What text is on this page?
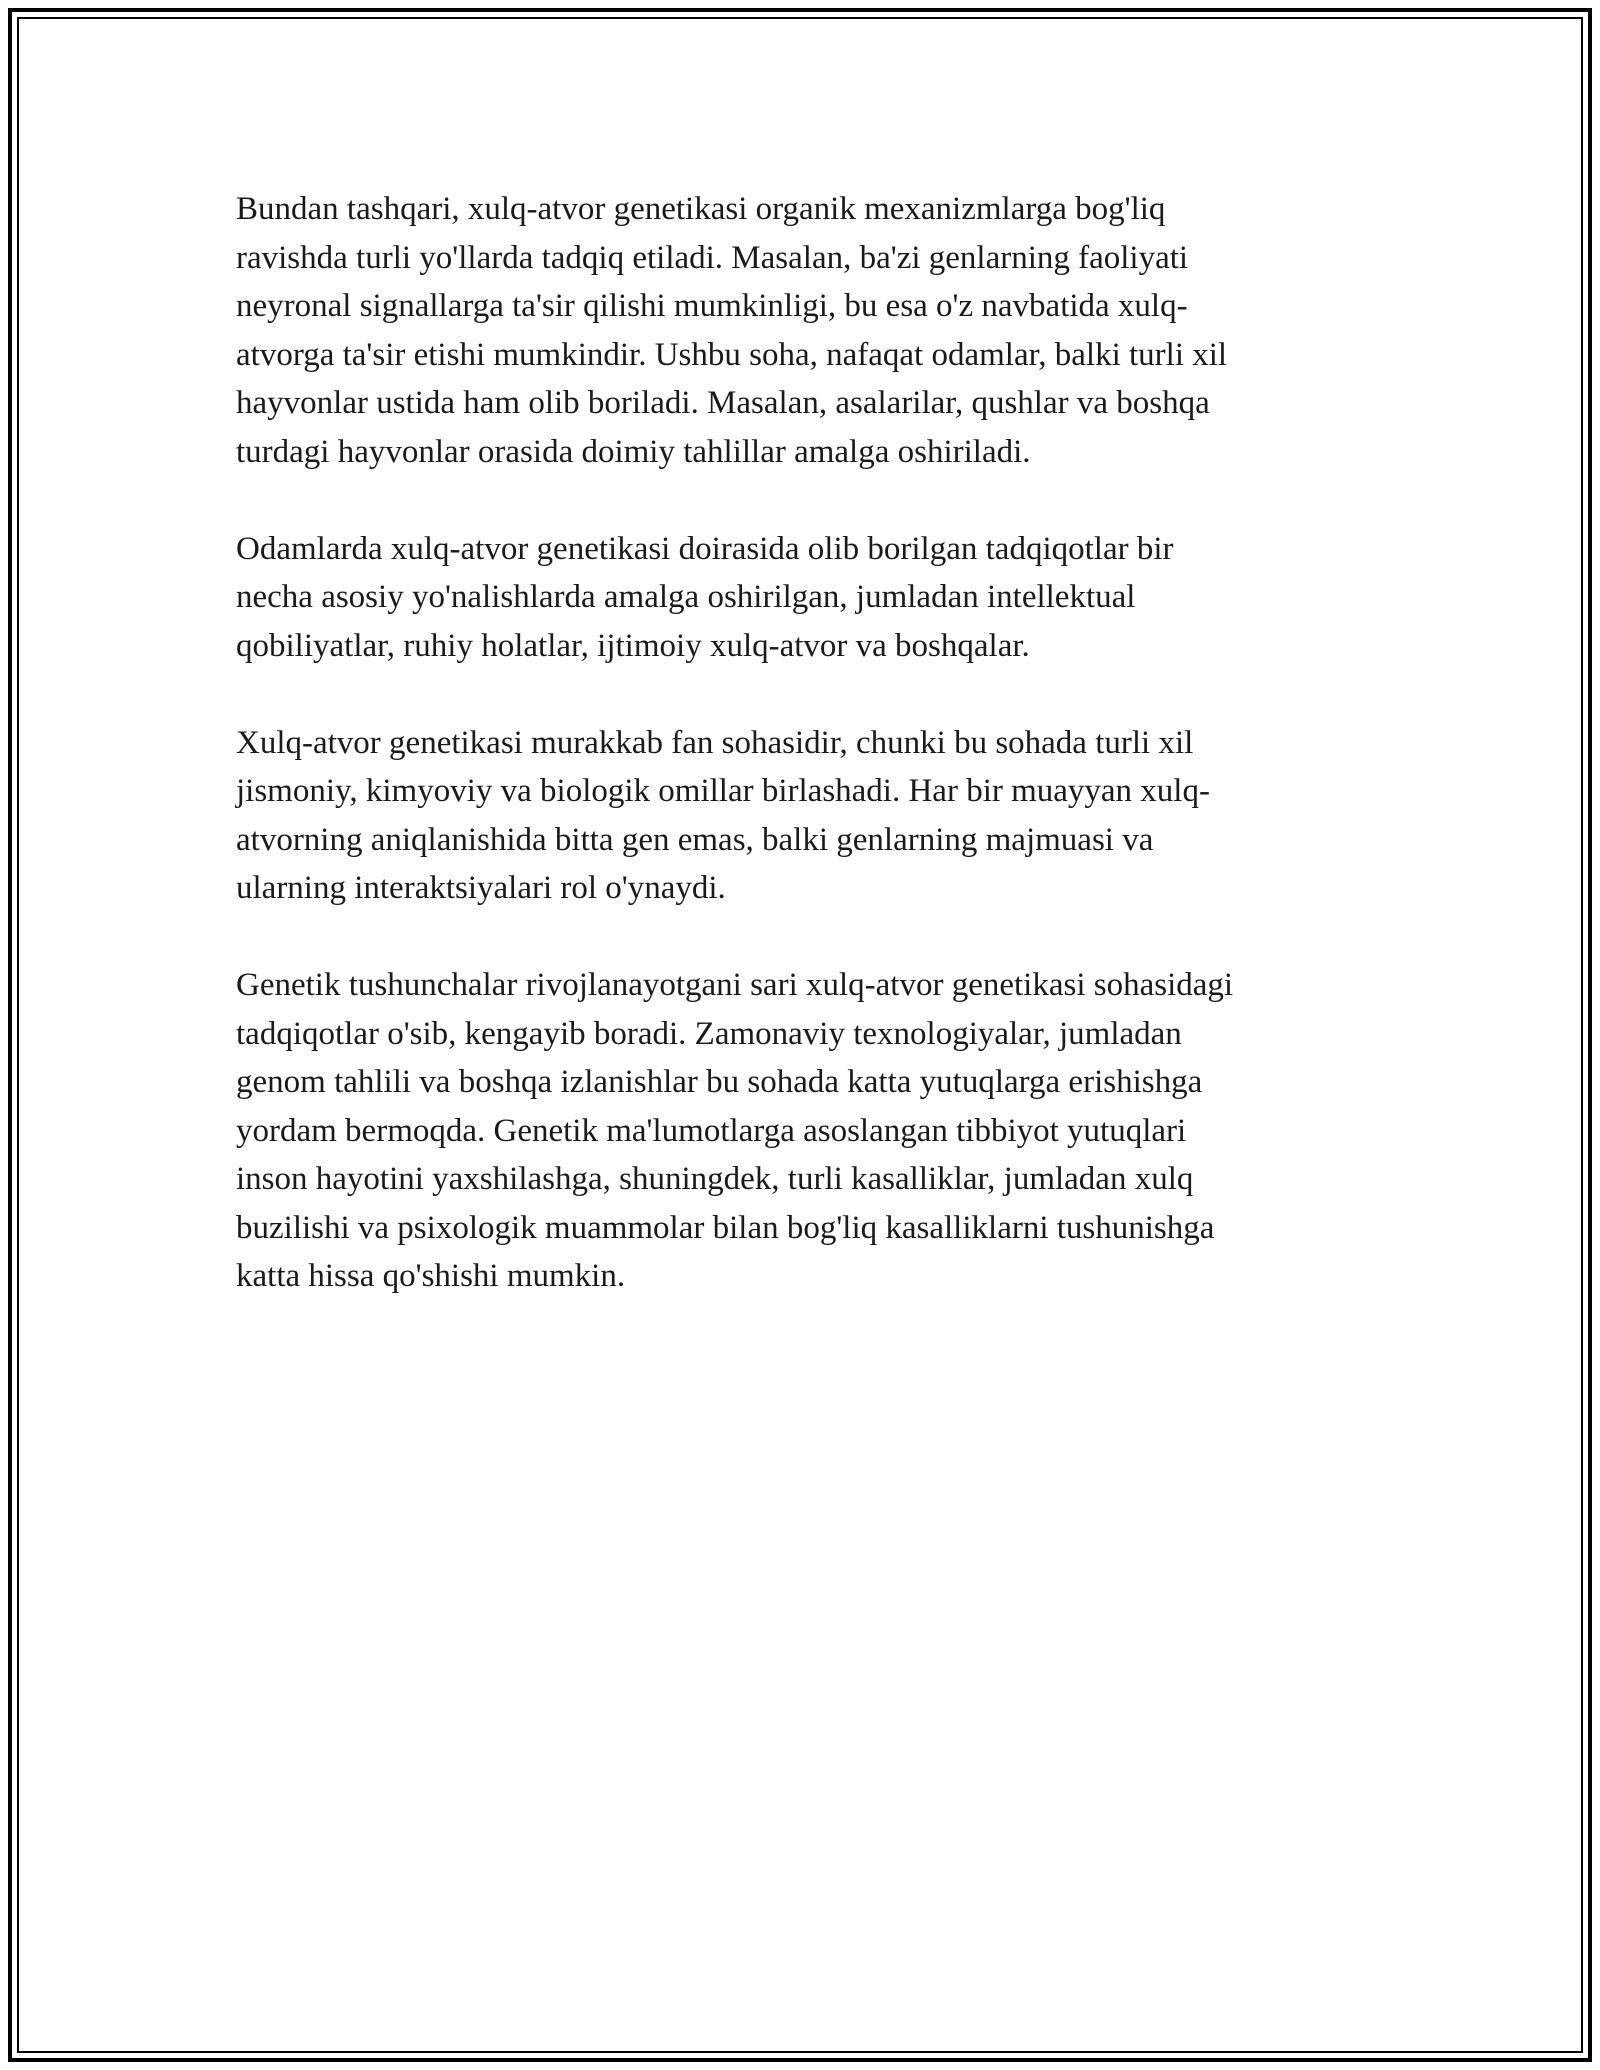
Bundan tashqari, xulq-atvor genetikasi organik mexanizmlarga bog'liq
ravishda turli yo'llarda tadqiq etiladi. Masalan, ba'zi genlarning faoliyati
neyronal signallarga ta'sir qilishi mumkinligi, bu esa o'z navbatida xulq-
atvorga ta'sir etishi mumkindir. Ushbu soha, nafaqat odamlar, balki turli xil
hayvonlar ustida ham olib boriladi. Masalan, asalarilar, qushlar va boshqa
turdagi hayvonlar orasida doimiy tahlillar amalga oshiriladi.

Odamlarda xulq-atvor genetikasi doirasida olib borilgan tadqiqotlar bir
necha asosiy yo'nalishlarda amalga oshirilgan, jumladan intellektual
qobiliyatlar, ruhiy holatlar, ijtimoiy xulq-atvor va boshqalar.

Xulq-atvor genetikasi murakkab fan sohasidir, chunki bu sohada turli xil
jismoniy, kimyoviy va biologik omillar birlashadi. Har bir muayyan xulq-
atvorning aniqlanishida bitta gen emas, balki genlarning majmuasi va
ularning interaktsiyalari rol o'ynaydi.

Genetik tushunchalar rivojlanayotgani sari xulq-atvor genetikasi sohasidagi
tadqiqotlar o'sib, kengayib boradi. Zamonaviy texnologiyalar, jumladan
genom tahlili va boshqa izlanishlar bu sohada katta yutuqlarga erishishga
yordam bermoqda. Genetik ma'lumotlarga asoslangan tibbiyot yutuqlari
inson hayotini yaxshilashga, shuningdek, turli kasalliklar, jumladan xulq
buzilishi va psixologik muammolar bilan bog'liq kasalliklarni tushunishga
katta hissa qo'shishi mumkin.
